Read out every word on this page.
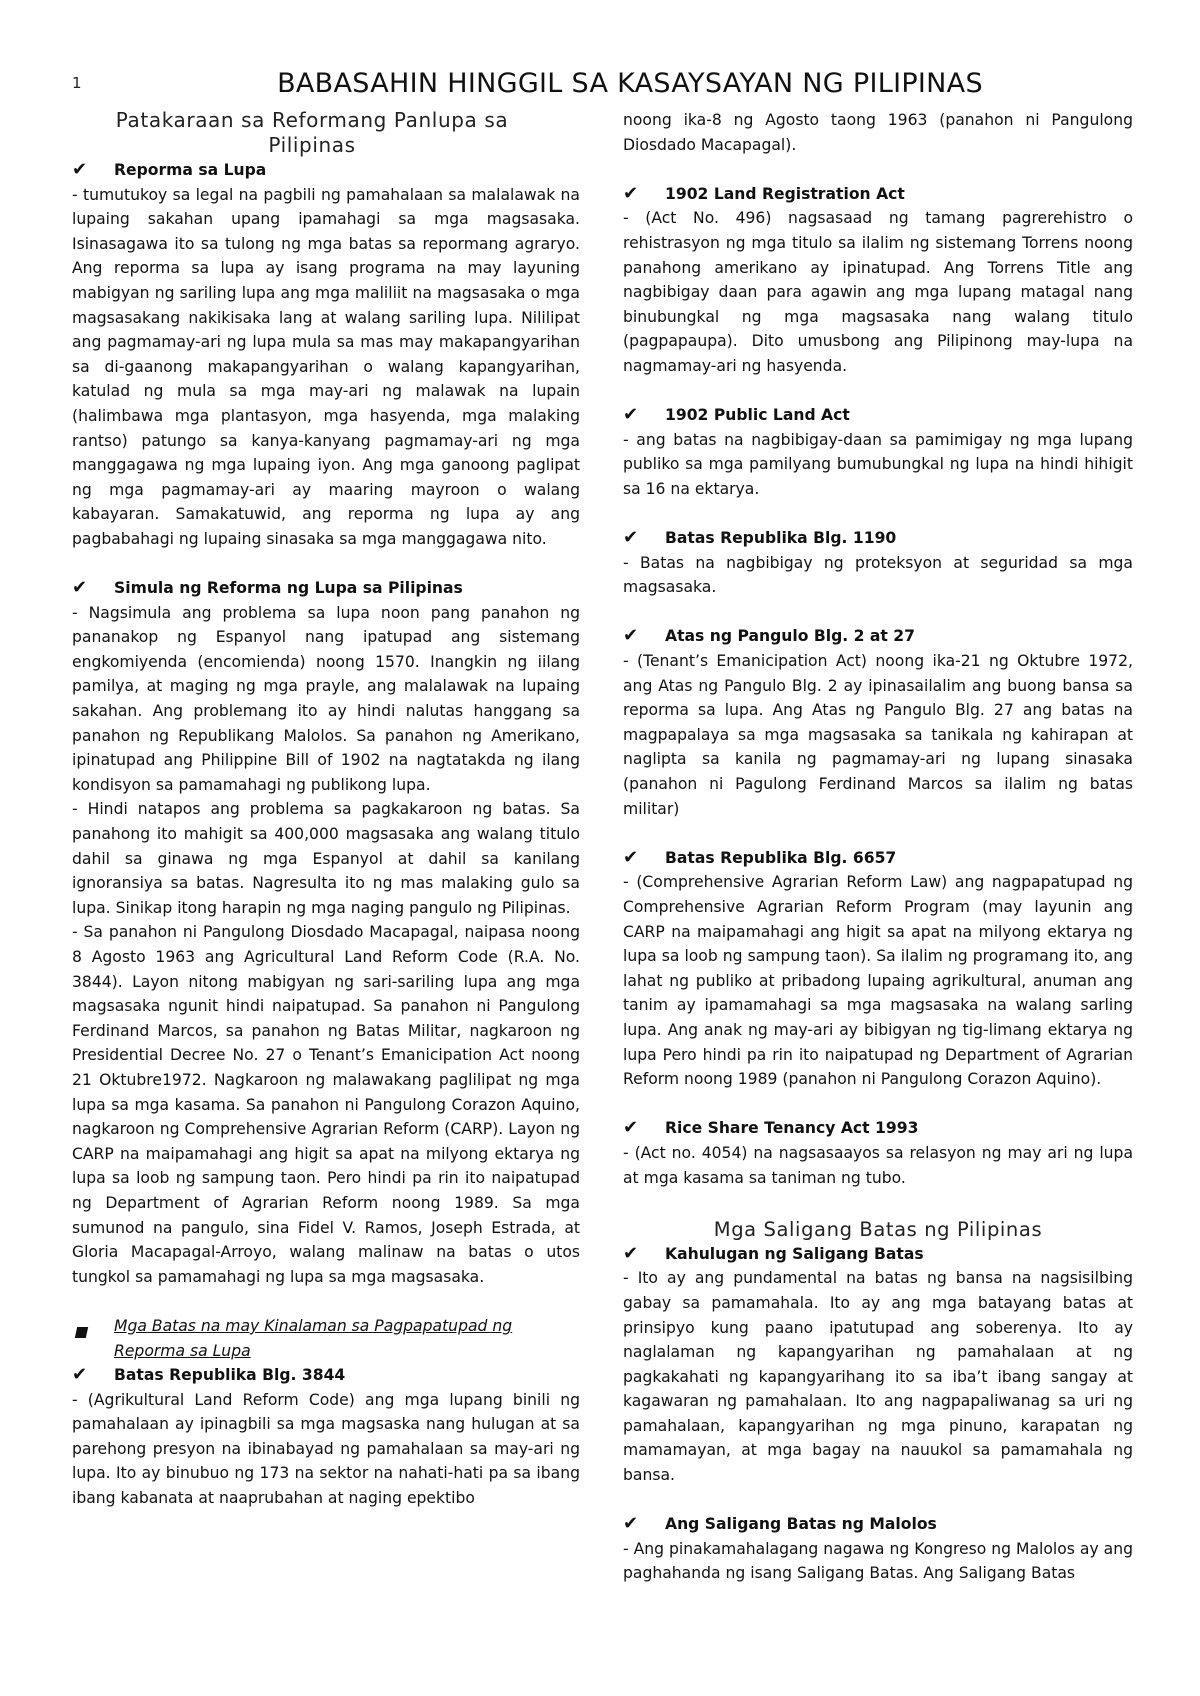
1	BABASAHIN HINGGIL SA KASAYSAYAN NG PILIPINAS
Patakaraan sa Reformang Panlupa sa
Pilipinas
✔	Reporma sa Lupa

- tumutukoy sa legal na pagbili ng pamahalaan sa malalawak na lupaing sakahan upang ipamahagi sa mga magsasaka. Isinasagawa ito sa tulong ng mga batas sa repormang agraryo. Ang reporma sa lupa ay isang programa na may layuning mabigyan ng sariling lupa ang mga maliliit na magsasaka o mga magsasakang nakikisaka lang at walang sariling lupa. Nililipat ang pagmamay-ari ng lupa mula sa mas may makapangyarihan sa di-gaanong makapangyarihan o walang kapangyarihan, katulad ng mula sa mga may-ari ng malawak na lupain (halimbawa mga plantasyon, mga hasyenda, mga malaking rantso) patungo sa kanya-kanyang pagmamay-ari ng mga manggagawa ng mga lupaing iyon. Ang mga ganoong paglipat ng mga pagmamay-ari ay maaring mayroon o walang kabayaran. Samakatuwid, ang reporma ng lupa ay ang pagbabahagi ng lupaing sinasaka sa mga manggagawa nito.

✔	Simula ng Reforma ng Lupa sa Pilipinas

- Nagsimula ang problema sa lupa noon pang panahon ng pananakop ng Espanyol nang ipatupad ang sistemang engkomiyenda (encomienda) noong 1570. Inangkin ng iilang pamilya, at maging ng mga prayle, ang malalawak na lupaing sakahan. Ang problemang ito ay hindi nalutas hanggang sa panahon ng Republikang Malolos. Sa panahon ng Amerikano, ipinatupad ang Philippine Bill of 1902 na nagtatakda ng ilang kondisyon sa pamamahagi ng publikong lupa.

- Hindi natapos ang problema sa pagkakaroon ng batas. Sa panahong ito mahigit sa 400,000 magsasaka ang walang titulo dahil sa ginawa ng mga Espanyol at dahil sa kanilang ignoransiya sa batas. Nagresulta ito ng mas malaking gulo sa lupa. Sinikap itong harapin ng mga naging pangulo ng Pilipinas.

- Sa panahon ni Pangulong Diosdado Macapagal, naipasa noong 8 Agosto 1963 ang Agricultural Land Reform Code (R.A. No. 3844). Layon nitong mabigyan ng sari-sariling lupa ang mga magsasaka ngunit hindi naipatupad. Sa panahon ni Pangulong Ferdinand Marcos, sa panahon ng Batas Militar, nagkaroon ng Presidential Decree No. 27 o Tenant’s Emanicipation Act noong 21 Oktubre1972. Nagkaroon ng malawakang paglilipat ng mga lupa sa mga kasama. Sa panahon ni Pangulong Corazon Aquino, nagkaroon ng Comprehensive Agrarian Reform (CARP). Layon ng CARP na maipamahagi ang higit sa apat na milyong ektarya ng lupa sa loob ng sampung taon. Pero hindi pa rin ito naipatupad ng Department of Agrarian Reform noong 1989. Sa mga sumunod na pangulo, sina Fidel V. Ramos, Joseph Estrada, at Gloria Macapagal-Arroyo, walang malinaw na batas o utos tungkol sa pamamahagi ng lupa sa mga magsasaka.

Mga Batas na may Kinalaman sa Pagpapatupad ng Reporma sa Lupa
✔	Batas Republika Blg. 3844

- (Agrikultural Land Reform Code) ang mga lupang binili ng pamahalaan ay ipinagbili sa mga magsaska nang hulugan at sa parehong presyon na ibinabayad ng pamahalaan sa may-ari ng lupa. Ito ay binubuo ng 173 na sektor na nahati-hati pa sa ibang ibang kabanata at naaprubahan at naging epektibo

noong ika-8 ng Agosto taong 1963 (panahon ni Pangulong Diosdado Macapagal).

✔	1902 Land Registration Act

- (Act No. 496) nagsasaad ng tamang pagrerehistro o rehistrasyon ng mga titulo sa ilalim ng sistemang Torrens noong panahong amerikano ay ipinatupad. Ang Torrens Title ang nagbibigay daan para agawin ang mga lupang matagal nang binubungkal ng mga magsasaka nang walang titulo (pagpapaupa). Dito umusbong ang Pilipinong may-lupa na nagmamay-ari ng hasyenda.

✔	1902 Public Land Act

- ang batas na nagbibigay-daan sa pamimigay ng mga lupang publiko sa mga pamilyang bumubungkal ng lupa na hindi hihigit sa 16 na ektarya.

✔	Batas Republika Blg. 1190

- Batas na nagbibigay ng proteksyon at seguridad sa mga magsasaka.

✔	Atas ng Pangulo Blg. 2 at 27

- (Tenant’s Emanicipation Act) noong ika-21 ng Oktubre 1972, ang Atas ng Pangulo Blg. 2 ay ipinasailalim ang buong bansa sa reporma sa lupa. Ang Atas ng Pangulo Blg. 27 ang batas na magpapalaya sa mga magsasaka sa tanikala ng kahirapan at naglipta sa kanila ng pagmamay-ari ng lupang sinasaka (panahon ni Pagulong Ferdinand Marcos sa ilalim ng batas militar)

✔	Batas Republika Blg. 6657

- (Comprehensive Agrarian Reform Law) ang nagpapatupad ng Comprehensive Agrarian Reform Program (may layunin ang CARP na maipamahagi ang higit sa apat na milyong ektarya ng lupa sa loob ng sampung taon). Sa ilalim ng programang ito, ang lahat ng publiko at pribadong lupaing agrikultural, anuman ang tanim ay ipamamahagi sa mga magsasaka na walang sarling lupa. Ang anak ng may-ari ay bibigyan ng tig-limang ektarya ng lupa Pero hindi pa rin ito naipatupad ng Department of Agrarian Reform noong 1989 (panahon ni Pangulong Corazon Aquino).

✔	Rice Share Tenancy Act 1993

- (Act no. 4054) na nagsasaayos sa relasyon ng may ari ng lupa at mga kasama sa taniman ng tubo.

Mga Saligang Batas ng Pilipinas
✔	Kahulugan ng Saligang Batas

- Ito ay ang pundamental na batas ng bansa na nagsisilbing gabay sa pamamahala. Ito ay ang mga batayang batas at prinsipyo kung paano ipatutupad ang soberenya. Ito ay naglalaman ng kapangyarihan ng pamahalaan at ng pagkakahati ng kapangyarihang ito sa iba’t ibang sangay at kagawaran ng pamahalaan. Ito ang nagpapaliwanag sa uri ng pamahalaan, kapangyarihan ng mga pinuno, karapatan ng mamamayan, at mga bagay na nauukol sa pamamahala ng bansa.

✔	Ang Saligang Batas ng Malolos

- Ang pinakamahalagang nagawa ng Kongreso ng Malolos ay ang paghahanda ng isang Saligang Batas. Ang Saligang Batas
